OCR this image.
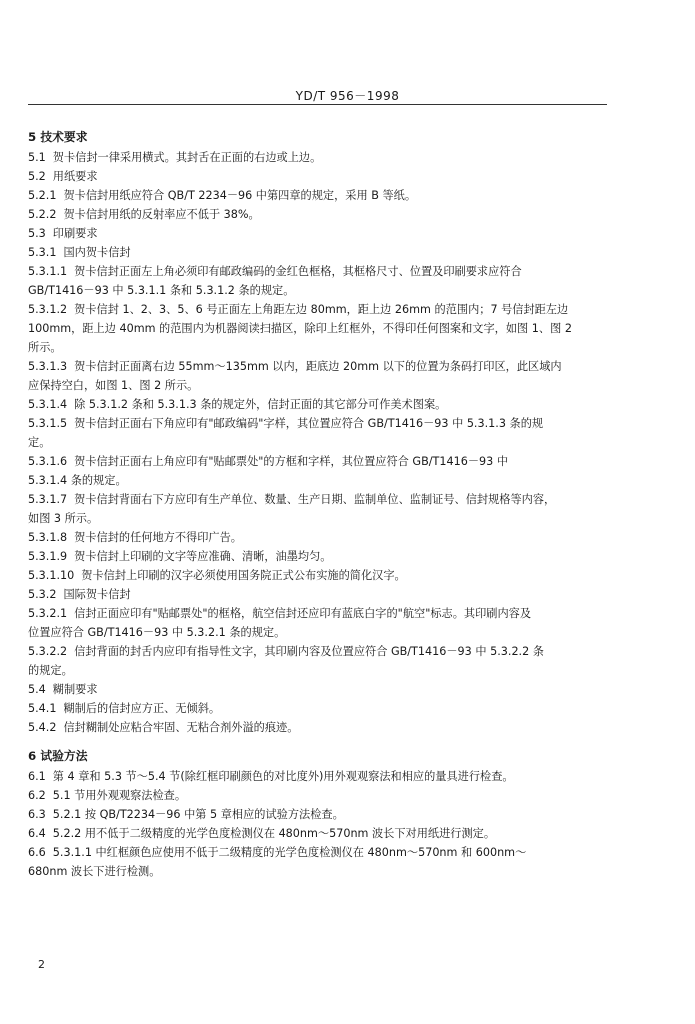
YD/T 956－1998
5 技术要求
5.1 贺卡信封一律采用横式。其封舌在正面的右边或上边。
5.2 用纸要求
5.2.1 贺卡信封用纸应符合 QB/T 2234－96 中第四章的规定，采用 B 等纸。
5.2.2 贺卡信封用纸的反射率应不低于 38%。
5.3 印刷要求
5.3.1 国内贺卡信封
5.3.1.1 贺卡信封正面左上角必须印有邮政编码的金红色框格，其框格尺寸、位置及印刷要求应符合
GB/T1416－93 中 5.3.1.1 条和 5.3.1.2 条的规定。
5.3.1.2 贺卡信封 1、2、3、5、6 号正面左上角距左边 80mm，距上边 26mm 的范围内；7 号信封距左边
100mm，距上边 40mm 的范围内为机器阅读扫描区，除印上红框外，不得印任何图案和文字，如图 1、图 2
所示。
5.3.1.3 贺卡信封正面离右边 55mm～135mm 以内，距底边 20mm 以下的位置为条码打印区，此区域内
应保持空白，如图 1、图 2 所示。
5.3.1.4 除 5.3.1.2 条和 5.3.1.3 条的规定外，信封正面的其它部分可作美术图案。
5.3.1.5 贺卡信封正面右下角应印有"邮政编码"字样，其位置应符合 GB/T1416－93 中 5.3.1.3 条的规
定。
5.3.1.6 贺卡信封正面右上角应印有"贴邮票处"的方框和字样，其位置应符合 GB/T1416－93 中
5.3.1.4 条的规定。
5.3.1.7 贺卡信封背面右下方应印有生产单位、数量、生产日期、监制单位、监制证号、信封规格等内容，
如图 3 所示。
5.3.1.8 贺卡信封的任何地方不得印广告。
5.3.1.9 贺卡信封上印刷的文字等应准确、清晰，油墨均匀。
5.3.1.10 贺卡信封上印刷的汉字必须使用国务院正式公布实施的简化汉字。
5.3.2 国际贺卡信封
5.3.2.1 信封正面应印有"贴邮票处"的框格，航空信封还应印有蓝底白字的"航空"标志。其印刷内容及
位置应符合 GB/T1416－93 中 5.3.2.1 条的规定。
5.3.2.2 信封背面的封舌内应印有指导性文字，其印刷内容及位置应符合 GB/T1416－93 中 5.3.2.2 条
的规定。
5.4 糊制要求
5.4.1 糊制后的信封应方正、无倾斜。
5.4.2 信封糊制处应粘合牢固、无粘合剂外溢的痕迹。
6 试验方法
6.1 第 4 章和 5.3 节～5.4 节(除红框印刷颜色的对比度外)用外观观察法和相应的量具进行检查。
6.2 5.1 节用外观观察法检查。
6.3 5.2.1 按 QB/T2234－96 中第 5 章相应的试验方法检查。
6.4 5.2.2 用不低于二级精度的光学色度检测仪在 480nm～570nm 波长下对用纸进行测定。
6.6 5.3.1.1 中红框颜色应使用不低于二级精度的光学色度检测仪在 480nm～570nm 和 600nm～
680nm 波长下进行检测。
2
